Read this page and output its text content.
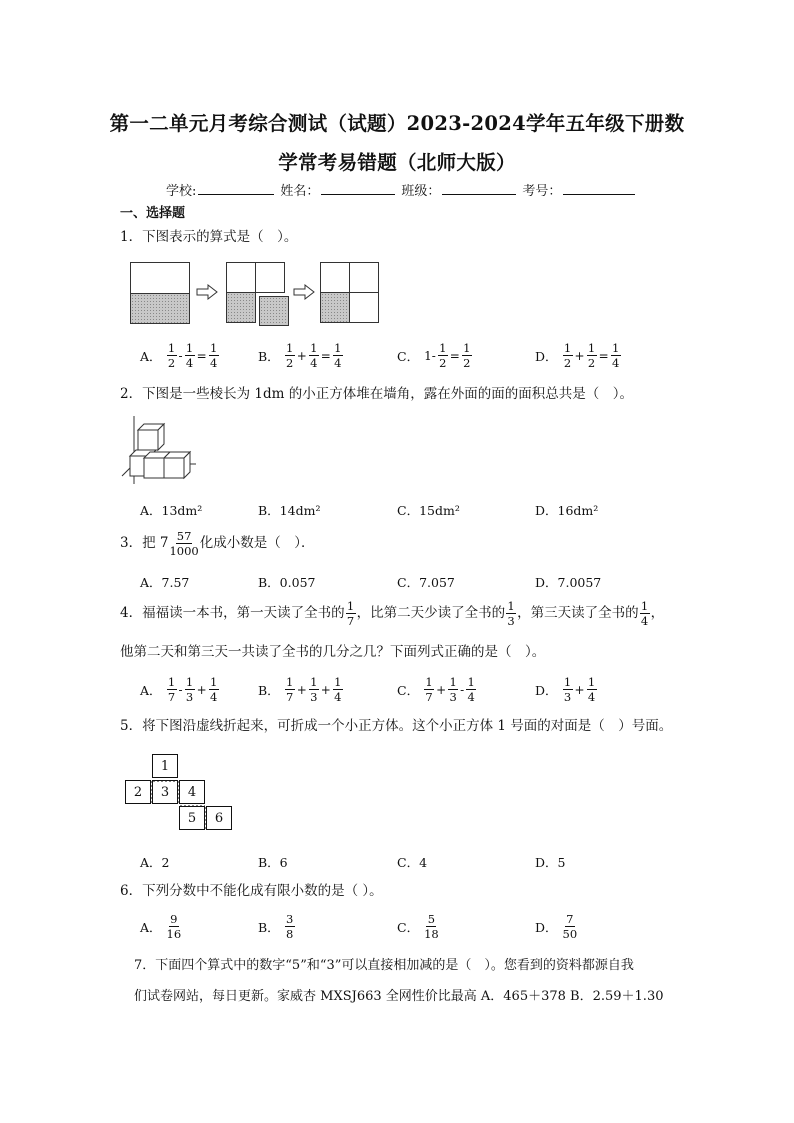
第一二单元月考综合测试（试题）2023-2024学年五年级下册数
学常考易错题（北师大版）
学校:	姓名：	班级：	考号：
一、选择题
1．下图表示的算式是（　）。
A． $\frac{1}{2} - \frac{1}{4} = \frac{1}{4}$	B． $\frac{1}{2} + \frac{1}{4} = \frac{1}{4}$	C． $1- \frac{1}{2} = \frac{1}{2}$	D． $\frac{1}{2} + \frac{1}{2} = \frac{1}{4}$
2．下图是一些棱长为 1dm 的小正方体堆在墙角，露在外面的面的面积总共是（　）。
A．13dm²	B．14dm²	C．15dm²	D．16dm²
3．把 $7 \frac{57}{1000}$ 化成小数是（　）．
A．7.57	B．0.057	C．7.057	D．7.0057
4．福福读一本书，第一天读了全书的 $\frac{1}{7}$ ，比第二天少读了全书的 $\frac{1}{3}$ ，第三天读了全书的 $\frac{1}{4}$ ，
他第二天和第三天一共读了全书的几分之几？下面列式正确的是（　）。
A． $\frac{1}{7} - \frac{1}{3} + \frac{1}{4}$	B． $\frac{1}{7} + \frac{1}{3} + \frac{1}{4}$	C． $\frac{1}{7} + \frac{1}{3} - \frac{1}{4}$	D． $\frac{1}{3} + \frac{1}{4}$
5．将下图沿虚线折起来，可折成一个小正方体。这个小正方体 1 号面的对面是（　）号面。
1
2	3	4
5	6
A．2	B．6	C．4	D．5
6．下列分数中不能化成有限小数的是（ ）。
A． $\frac{9}{16}$	B． $\frac{3}{8}$	C． $\frac{5}{18}$	D． $\frac{7}{50}$
7．下面四个算式中的数字“5”和“3”可以直接相加减的是（　）。您看到的资料都源自我
们试卷网站，每日更新。家威杏 MXSJ663 全网性价比最高 A．465＋378 B．2.59＋1.30
